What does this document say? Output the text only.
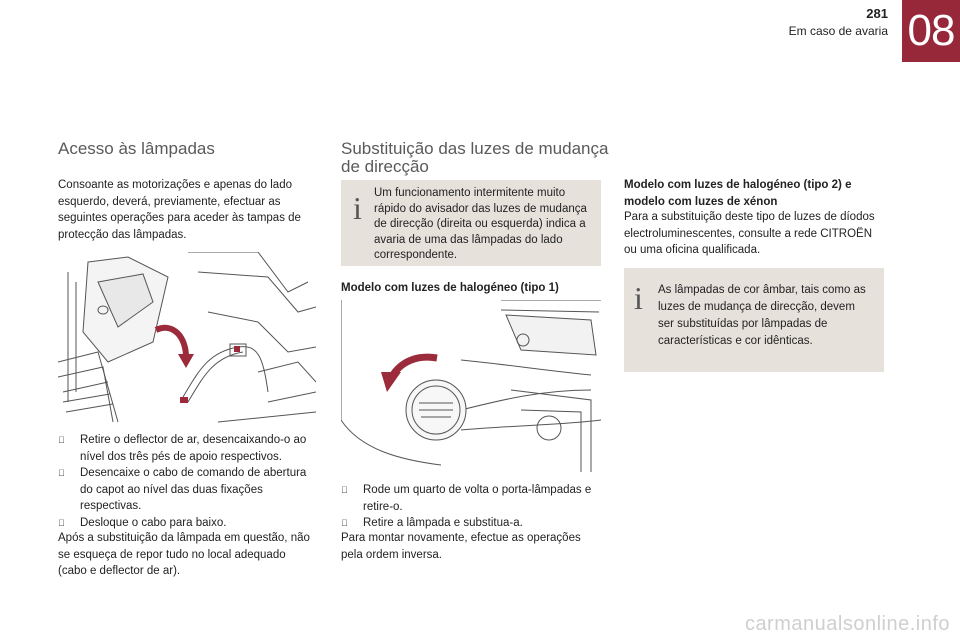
281
Em caso de avaria 08
Acesso às lâmpadas

Consoante as motorizações e apenas do lado esquerdo, deverá, previamente, efectuar as seguintes operações para aceder às tampas de protecção das lâmpadas.

Retire o deflector de ar, desencaixando-o ao nível dos três pés de apoio respectivos.
Desencaixe o cabo de comando de abertura do capot ao nível das duas fixações respectivas.
Desloque o cabo para baixo.

Após a substituição da lâmpada em questão, não se esqueça de repor tudo no local adequado (cabo e deflector de ar).

Substituição das luzes de mudança
de direcção
i Um funcionamento intermitente muito rápido do avisador das luzes de mudança de direcção (direita ou esquerda) indica a avaria de uma das lâmpadas do lado correspondente.

Modelo com luzes de halogéneo (tipo 1)

Rode um quarto de volta o porta-lâmpadas e retire-o.
Retire a lâmpada e substitua-a.

Para montar novamente, efectue as operações pela ordem inversa.

Modelo com luzes de halogéneo (tipo 2) e modelo com luzes de xénon

Para a substituição deste tipo de luzes de díodos electroluminescentes, consulte a rede CITROËN ou uma oficina qualificada.

i As lâmpadas de cor âmbar, tais como as luzes de mudança de direcção, devem ser substituídas por lâmpadas de características e cor idênticas.
carmanualsonline.info
